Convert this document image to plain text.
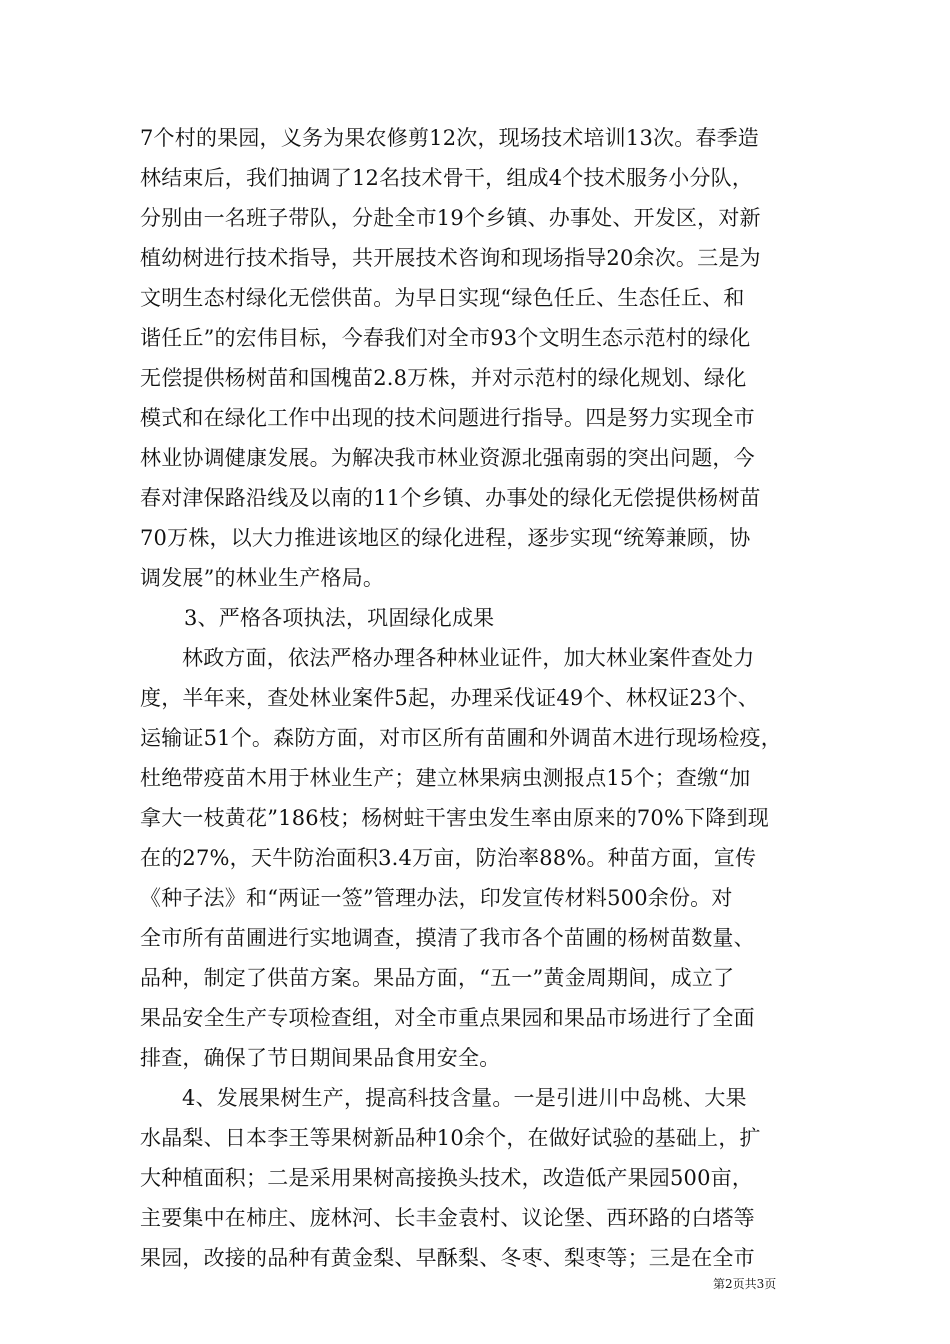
7个村的果园，义务为果农修剪12次，现场技术培训13次。春季造
林结束后，我们抽调了12名技术骨干，组成4个技术服务小分队，
分别由一名班子带队，分赴全市19个乡镇、办事处、开发区，对新
植幼树进行技术指导，共开展技术咨询和现场指导20余次。三是为
文明生态村绿化无偿供苗。为早日实现“绿色任丘、生态任丘、和
谐任丘”的宏伟目标，今春我们对全市93个文明生态示范村的绿化
无偿提供杨树苗和国槐苗2.8万株，并对示范村的绿化规划、绿化
模式和在绿化工作中出现的技术问题进行指导。四是努力实现全市
林业协调健康发展。为解决我市林业资源北强南弱的突出问题，今
春对津保路沿线及以南的11个乡镇、办事处的绿化无偿提供杨树苗
70万株，以大力推进该地区的绿化进程，逐步实现“统筹兼顾，协
调发展”的林业生产格局。
3、严格各项执法，巩固绿化成果
林政方面，依法严格办理各种林业证件，加大林业案件查处力
度，半年来，查处林业案件5起，办理采伐证49个、林权证23个、
运输证51个。森防方面，对市区所有苗圃和外调苗木进行现场检疫，
杜绝带疫苗木用于林业生产；建立林果病虫测报点15个；查缴“加
拿大一枝黄花”186枝；杨树蛀干害虫发生率由原来的70%下降到现
在的27%，天牛防治面积3.4万亩，防治率88%。种苗方面，宣传
《种子法》和“两证一签”管理办法，印发宣传材料500余份。对
全市所有苗圃进行实地调查，摸清了我市各个苗圃的杨树苗数量、
品种，制定了供苗方案。果品方面，“五一”黄金周期间，成立了
果品安全生产专项检查组，对全市重点果园和果品市场进行了全面
排查，确保了节日期间果品食用安全。
4、发展果树生产，提高科技含量。一是引进川中岛桃、大果
水晶梨、日本李王等果树新品种10余个，在做好试验的基础上，扩
大种植面积；二是采用果树高接换头技术，改造低产果园500亩，
主要集中在柿庄、庞林河、长丰金袁村、议论堡、西环路的白塔等
果园，改接的品种有黄金梨、早酥梨、冬枣、梨枣等；三是在全市
第2页共3页
